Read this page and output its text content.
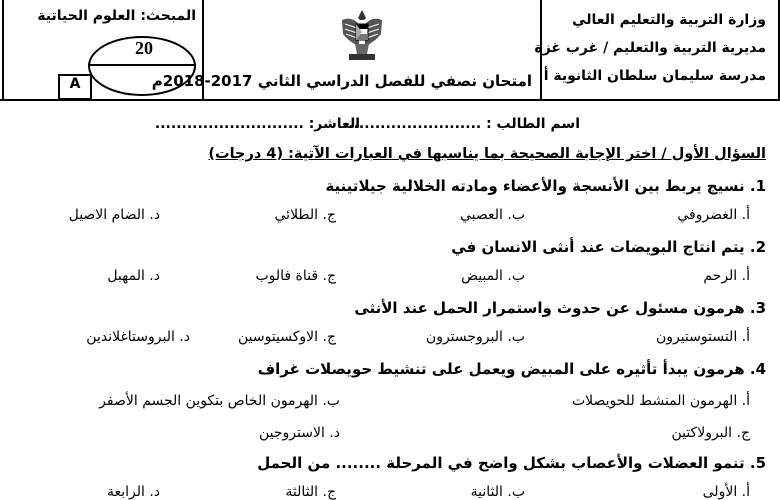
وزارة التربية والتعليم العالي
مديرية التربية والتعليم / غرب غزة
مدرسة سليمان سلطان الثانوية أ
امتحان نصفي للفصل الدراسي الثاني 2017-2018م
المبحث: العلوم الحياتية
20
A
اسم الطالب : ..........................
العاشر: ............................
السؤال الأول / اختر الإجابة الصحيحة بما يناسبها في العبارات الآتية: (4 درجات)
1. نسيج يربط بين الأنسجة والأعضاء ومادته الخلالية جيلاتينية
أ. الغضروفي
ب. العصبي
ج. الطلائي
د. الضام الاصيل
2. يتم انتاج البويضات عند أنثى الانسان في
أ. الرحم
ب. المبيض
ج. قناة فالوب
د. المهبل
3. هرمون مسئول عن حدوث واستمرار الحمل عند الأنثى
أ. التستوستيرون
ب. البروجسترون
ج. الاوكسيتوسين
د. البروستاغلاندين
4. هرمون يبدأ تأثيره على المبيض ويعمل على تنشيط حويصلات غراف
أ. الهرمون المنشط للحويصلات
ب. الهرمون الخاص بتكوين الجسم الأصفر
ج. البرولاكتين
د. الاستروجين
5. تنمو العضلات والأعصاب بشكل واضح في المرحلة ........ من الحمل
أ. الأولى
ب. الثانية
ج. الثالثة
د. الرابعة
